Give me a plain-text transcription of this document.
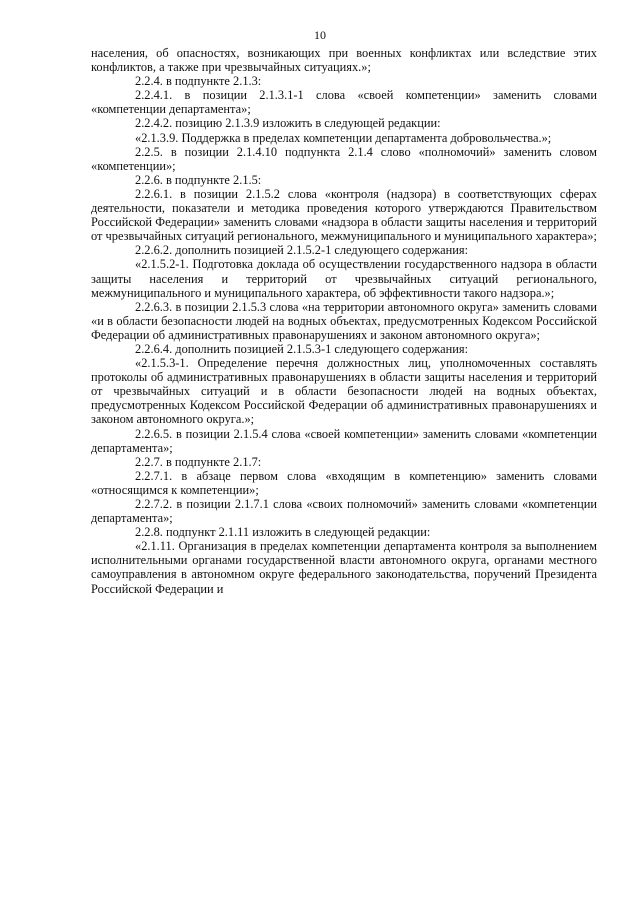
10

населения, об опасностях, возникающих при военных конфликтах или вследствие этих конфликтов, а также при чрезвычайных ситуациях.»;

2.2.4. в подпункте 2.1.3:

2.2.4.1. в позиции 2.1.3.1-1 слова «своей компетенции» заменить словами «компетенции департамента»;

2.2.4.2. позицию 2.1.3.9 изложить в следующей редакции:

«2.1.3.9. Поддержка в пределах компетенции департамента добровольчества.»;

2.2.5. в позиции 2.1.4.10 подпункта 2.1.4 слово «полномочий» заменить словом «компетенции»;

2.2.6. в подпункте 2.1.5:

2.2.6.1. в позиции 2.1.5.2 слова «контроля (надзора) в соответствующих сферах деятельности, показатели и методика проведения которого утверждаются Правительством Российской Федерации» заменить словами «надзора в области защиты населения и территорий от чрезвычайных ситуаций регионального, межмуниципального и муниципального характера»;

2.2.6.2. дополнить позицией 2.1.5.2-1 следующего содержания:

«2.1.5.2-1. Подготовка доклада об осуществлении государственного надзора в области защиты населения и территорий от чрезвычайных ситуаций регионального, межмуниципального и муниципального характера, об эффективности такого надзора.»;

2.2.6.3. в позиции 2.1.5.3 слова «на территории автономного округа» заменить словами «и в области безопасности людей на водных объектах, предусмотренных Кодексом Российской Федерации об административных правонарушениях и законом автономного округа»;

2.2.6.4. дополнить позицией 2.1.5.3-1 следующего содержания:

«2.1.5.3-1. Определение перечня должностных лиц, уполномоченных составлять протоколы об административных правонарушениях в области защиты населения и территорий от чрезвычайных ситуаций и в области безопасности людей на водных объектах, предусмотренных Кодексом Российской Федерации об административных правонарушениях и законом автономного округа.»;

2.2.6.5. в позиции 2.1.5.4 слова «своей компетенции» заменить словами «компетенции департамента»;

2.2.7. в подпункте 2.1.7:

2.2.7.1. в абзаце первом слова «входящим в компетенцию» заменить словами «относящимся к компетенции»;

2.2.7.2. в позиции 2.1.7.1 слова «своих полномочий» заменить словами «компетенции департамента»;

2.2.8. подпункт 2.1.11 изложить в следующей редакции:

«2.1.11. Организация в пределах компетенции департамента контроля за выполнением исполнительными органами государственной власти автономного округа, органами местного самоуправления в автономном округе федерального законодательства, поручений Президента Российской Федерации и
